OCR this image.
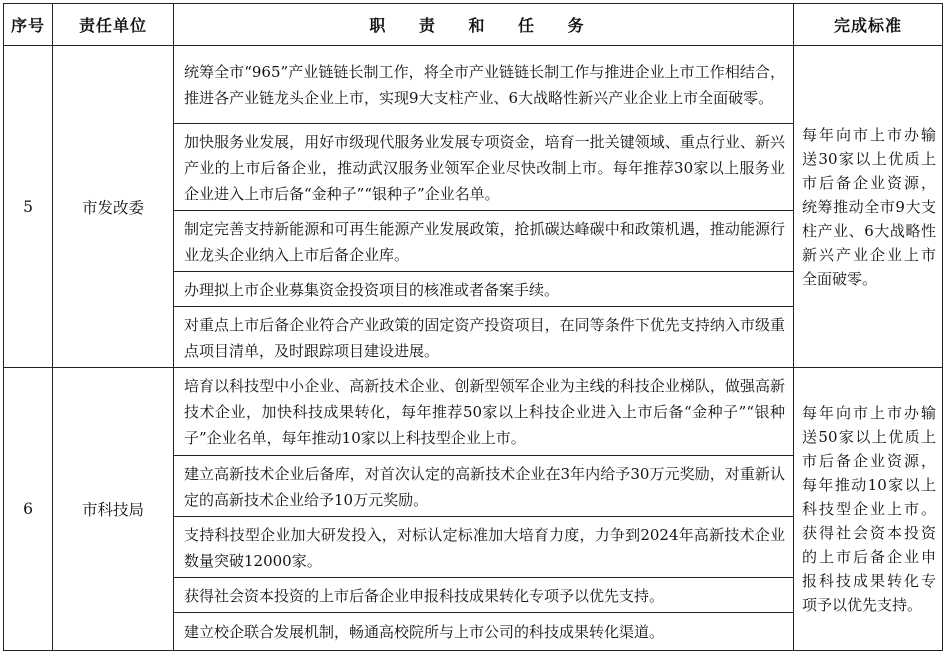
序号	责任单位	职 责 和 任 务	完成标准
5	市发改委	统筹全市“965”产业链链长制工作，将全市产业链链长制工作与推进企业上市工作相结合，推进各产业链龙头企业上市，实现9大支柱产业、6大战略性新兴产业企业上市全面破零。	每年向市上市办输送30家以上优质上市后备企业资源，统筹推动全市9大支柱产业、6大战略性新兴产业企业上市全面破零。
		加快服务业发展，用好市级现代服务业发展专项资金，培育一批关键领域、重点行业、新兴产业的上市后备企业，推动武汉服务业领军企业尽快改制上市。每年推荐30家以上服务业企业进入上市后备“金种子”“银种子”企业名单。	
		制定完善支持新能源和可再生能源产业发展政策，抢抓碳达峰碳中和政策机遇，推动能源行业龙头企业纳入上市后备企业库。	
		办理拟上市企业募集资金投资项目的核准或者备案手续。	
		对重点上市后备企业符合产业政策的固定资产投资项目，在同等条件下优先支持纳入市级重点项目清单，及时跟踪项目建设进展。	
6	市科技局	培育以科技型中小企业、高新技术企业、创新型领军企业为主线的科技企业梯队，做强高新技术企业，加快科技成果转化，每年推荐50家以上科技企业进入上市后备“金种子”“银种子”企业名单，每年推动10家以上科技型企业上市。	每年向市上市办输送50家以上优质上市后备企业资源，每年推动10家以上科技型企业上市。获得社会资本投资的上市后备企业申报科技成果转化专项予以优先支持。
		建立高新技术企业后备库，对首次认定的高新技术企业在3年内给予30万元奖励，对重新认定的高新技术企业给予10万元奖励。	
		支持科技型企业加大研发投入，对标认定标准加大培育力度，力争到2024年高新技术企业数量突破12000家。	
		获得社会资本投资的上市后备企业申报科技成果转化专项予以优先支持。	
		建立校企联合发展机制，畅通高校院所与上市公司的科技成果转化渠道。	
